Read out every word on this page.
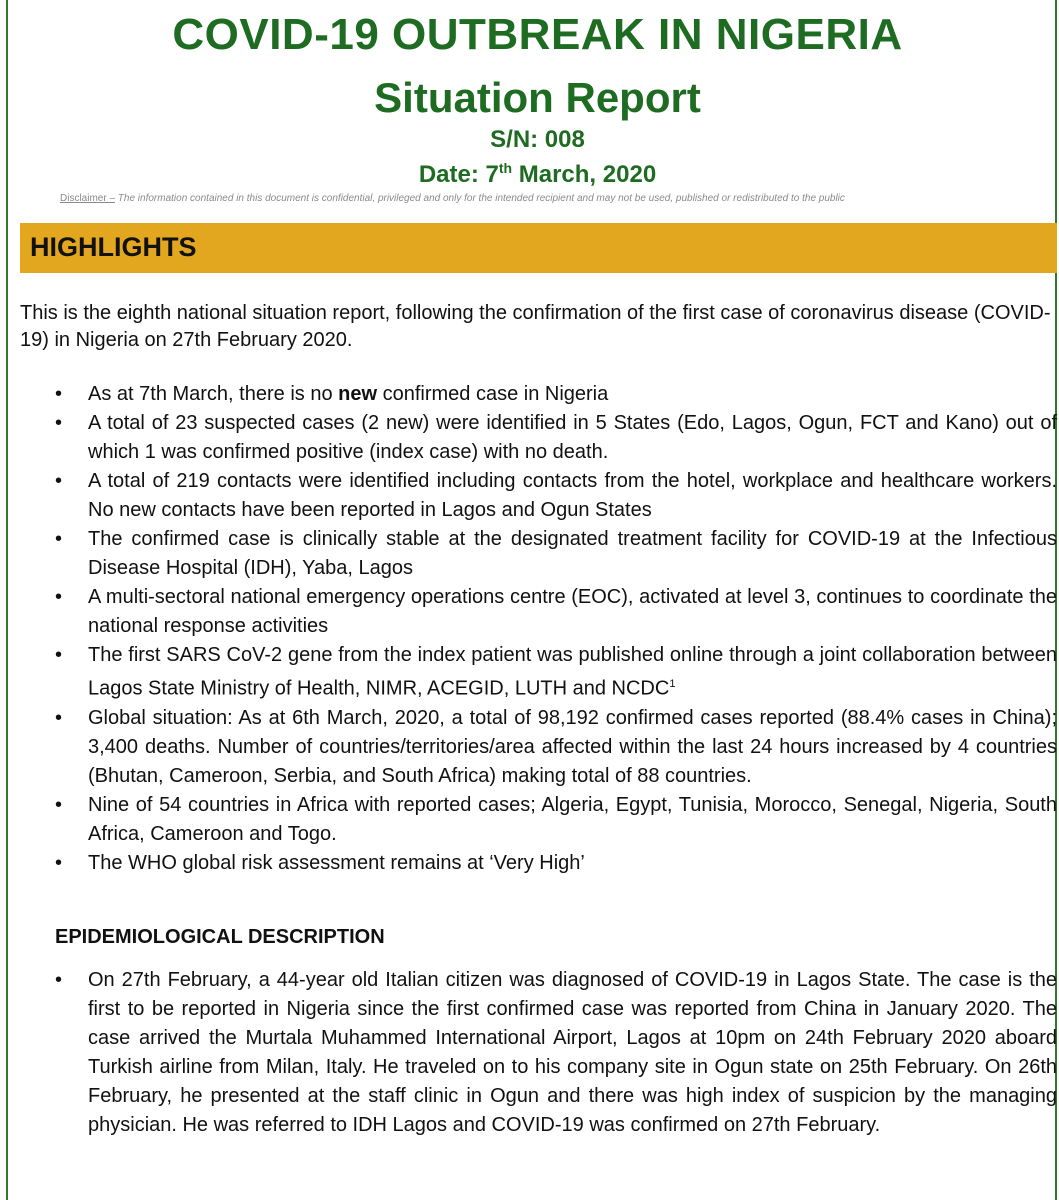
COVID-19 OUTBREAK IN NIGERIA
Situation Report
S/N: 008
Date: 7th March, 2020
Disclaimer – The information contained in this document is confidential, privileged and only for the intended recipient and may not be used, published or redistributed to the public
HIGHLIGHTS
This is the eighth national situation report, following the confirmation of the first case of coronavirus disease (COVID-19) in Nigeria on 27th February 2020.
• As at 7th March, there is no new confirmed case in Nigeria
• A total of 23 suspected cases (2 new) were identified in 5 States (Edo, Lagos, Ogun, FCT and Kano) out of which 1 was confirmed positive (index case) with no death.
• A total of 219 contacts were identified including contacts from the hotel, workplace and healthcare workers. No new contacts have been reported in Lagos and Ogun States
• The confirmed case is clinically stable at the designated treatment facility for COVID-19 at the Infectious Disease Hospital (IDH), Yaba, Lagos
• A multi-sectoral national emergency operations centre (EOC), activated at level 3, continues to coordinate the national response activities
• The first SARS CoV-2 gene from the index patient was published online through a joint collaboration between Lagos State Ministry of Health, NIMR, ACEGID, LUTH and NCDC$^1$
• Global situation: As at 6th March, 2020, a total of 98,192 confirmed cases reported (88.4% cases in China); 3,400 deaths. Number of countries/territories/area affected within the last 24 hours increased by 4 countries (Bhutan, Cameroon, Serbia, and South Africa) making total of 88 countries.
• Nine of 54 countries in Africa with reported cases; Algeria, Egypt, Tunisia, Morocco, Senegal, Nigeria, South Africa, Cameroon and Togo.
• The WHO global risk assessment remains at ‘Very High’
EPIDEMIOLOGICAL DESCRIPTION
• On 27th February, a 44-year old Italian citizen was diagnosed of COVID-19 in Lagos State. The case is the first to be reported in Nigeria since the first confirmed case was reported from China in January 2020. The case arrived the Murtala Muhammed International Airport, Lagos at 10pm on 24th February 2020 aboard Turkish airline from Milan, Italy. He traveled on to his company site in Ogun state on 25th February. On 26th February, he presented at the staff clinic in Ogun and there was high index of suspicion by the managing physician. He was referred to IDH Lagos and COVID-19 was confirmed on 27th February.
